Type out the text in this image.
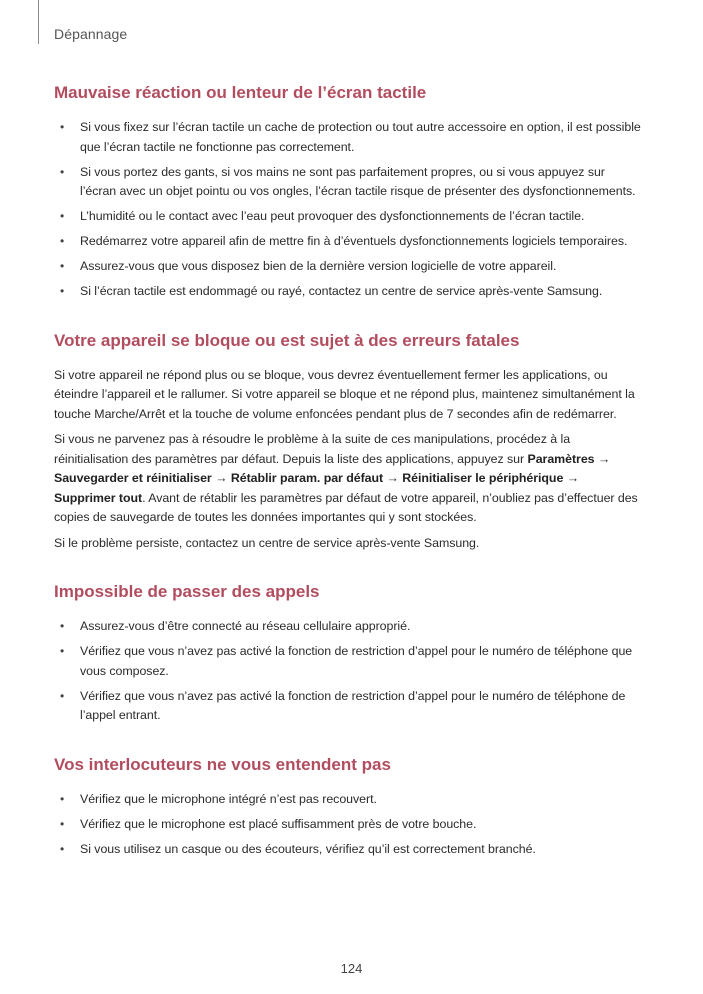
Dépannage
Mauvaise réaction ou lenteur de l’écran tactile
• Si vous fixez sur l’écran tactile un cache de protection ou tout autre accessoire en option, il est possible que l’écran tactile ne fonctionne pas correctement.
• Si vous portez des gants, si vos mains ne sont pas parfaitement propres, ou si vous appuyez sur l’écran avec un objet pointu ou vos ongles, l’écran tactile risque de présenter des dysfonctionnements.
• L’humidité ou le contact avec l’eau peut provoquer des dysfonctionnements de l’écran tactile.
• Redémarrez votre appareil afin de mettre fin à d’éventuels dysfonctionnements logiciels temporaires.
• Assurez-vous que vous disposez bien de la dernière version logicielle de votre appareil.
• Si l’écran tactile est endommagé ou rayé, contactez un centre de service après-vente Samsung.
Votre appareil se bloque ou est sujet à des erreurs fatales

Si votre appareil ne répond plus ou se bloque, vous devrez éventuellement fermer les applications, ou éteindre l’appareil et le rallumer. Si votre appareil se bloque et ne répond plus, maintenez simultanément la touche Marche/Arrêt et la touche de volume enfoncées pendant plus de 7 secondes afin de redémarrer.

Si vous ne parvenez pas à résoudre le problème à la suite de ces manipulations, procédez à la réinitialisation des paramètres par défaut. Depuis la liste des applications, appuyez sur Paramètres → Sauvegarder et réinitialiser → Rétablir param. par défaut → Réinitialiser le périphérique → Supprimer tout. Avant de rétablir les paramètres par défaut de votre appareil, n’oubliez pas d’effectuer des copies de sauvegarde de toutes les données importantes qui y sont stockées.

Si le problème persiste, contactez un centre de service après-vente Samsung.

Impossible de passer des appels
• Assurez-vous d’être connecté au réseau cellulaire approprié.
• Vérifiez que vous n’avez pas activé la fonction de restriction d’appel pour le numéro de téléphone que vous composez.
• Vérifiez que vous n’avez pas activé la fonction de restriction d’appel pour le numéro de téléphone de l’appel entrant.
Vos interlocuteurs ne vous entendent pas
• Vérifiez que le microphone intégré n’est pas recouvert.
• Vérifiez que le microphone est placé suffisamment près de votre bouche.
• Si vous utilisez un casque ou des écouteurs, vérifiez qu’il est correctement branché.
124
